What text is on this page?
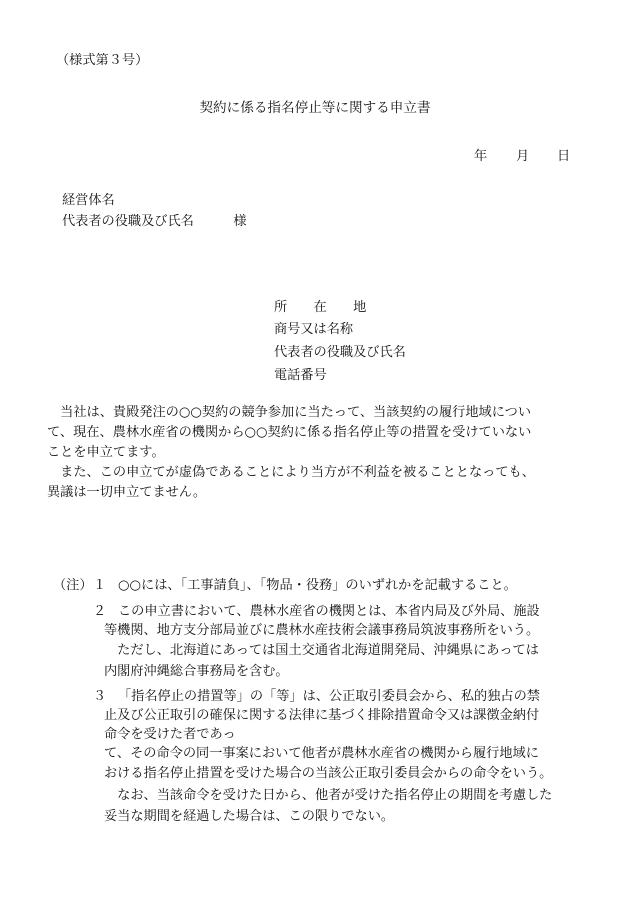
（様式第３号）
契約に係る指名停止等に関する申立書
年 月 日
経営体名
代表者の役職及び氏名　　　様
所　　在　　地
商号又は名称
代表者の役職及び氏名
電話番号

　当社は、貴殿発注の○○契約の競争参加に当たって、当該契約の履行地域につい

て、現在、農林水産省の機関から○○契約に係る指名停止等の措置を受けていない

ことを申立てます。

　また、この申立てが虚偽であることにより当方が不利益を被ることとなっても、

異議は一切申立てません。

（注） １ ○○には、「工事請負」、「物品・役務」のいずれかを記載すること。
２ この申立書において、農林水産省の機関とは、本省内局及び外局、施設
等機関、地方支分部局並びに農林水産技術会議事務局筑波事務所をいう。
　ただし、北海道にあっては国土交通省北海道開発局、沖縄県にあっては
内閣府沖縄総合事務局を含む。
３ 「指名停止の措置等」の「等」は、公正取引委員会から、私的独占の禁
止及び公正取引の確保に関する法律に基づく排除措置命令又は課徴金納付
命令を受けた者であっ
て、その命令の同一事案において他者が農林水産省の機関から履行地域に
おける指名停止措置を受けた場合の当該公正取引委員会からの命令をいう。
　なお、当該命令を受けた日から、他者が受けた指名停止の期間を考慮した
妥当な期間を経過した場合は、この限りでない。
